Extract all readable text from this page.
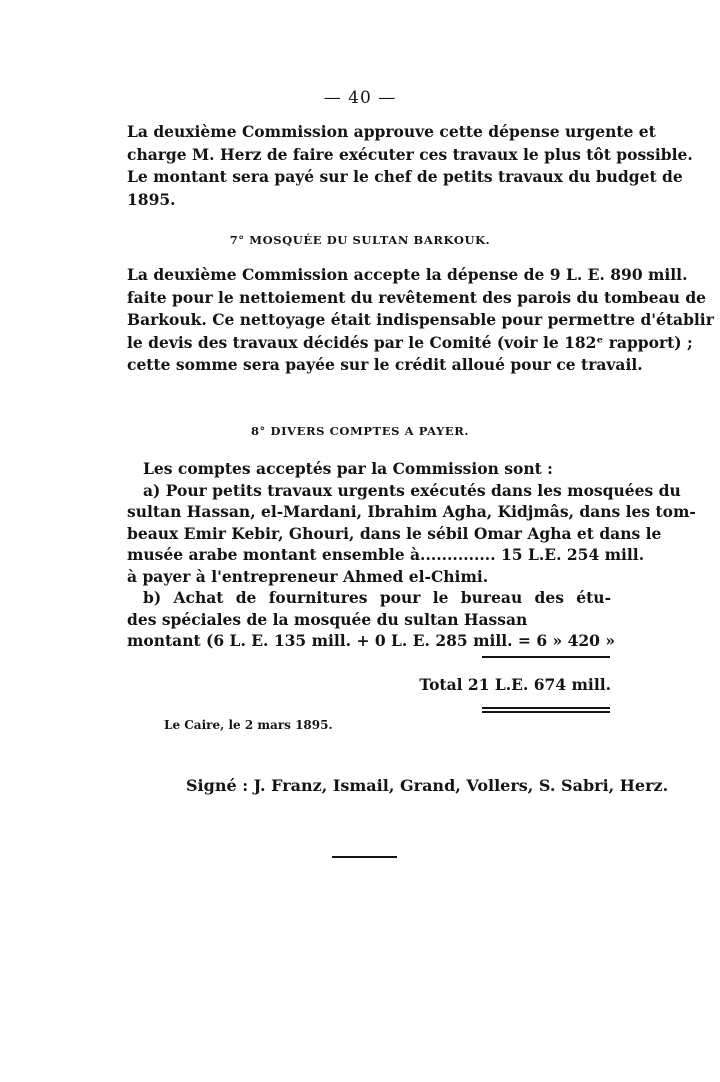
— 40 —
La deuxième Commission approuve cette dépense urgente et
charge M. Herz de faire exécuter ces travaux le plus tôt possible.
Le montant sera payé sur le chef de petits travaux du budget de
1895.
7° MOSQUÉE DU SULTAN BARKOUK.
La deuxième Commission accepte la dépense de 9 L. E. 890 mill.
faite pour le nettoiement du revêtement des parois du tombeau de
Barkouk. Ce nettoyage était indispensable pour permettre d'établir
le devis des travaux décidés par le Comité (voir le 182ᵉ rapport) ;
cette somme sera payée sur le crédit alloué pour ce travail.
8° DIVERS COMPTES A PAYER.
Les comptes acceptés par la Commission sont :
a) Pour petits travaux urgents exécutés dans les mosquées du
sultan Hassan, el-Mardani, Ibrahim Agha, Kidjmâs, dans les tom-
beaux Emir Kebir, Ghouri, dans le sébil Omar Agha et dans le
musée arabe montant ensemble à.............. 15 L.E. 254 mill.
à payer à l'entrepreneur Ahmed el-Chimi.
b) Achat de fournitures pour le bureau des étu-
des spéciales de la mosquée du sultan Hassan
montant (6 L. E. 135 mill. + 0 L. E. 285 mill. = 6 » 420 »
Total 21 L.E. 674 mill.
Le Caire, le 2 mars 1895.
Signé : J. Franz, Ismail, Grand, Vollers, S. Sabri, Herz.
